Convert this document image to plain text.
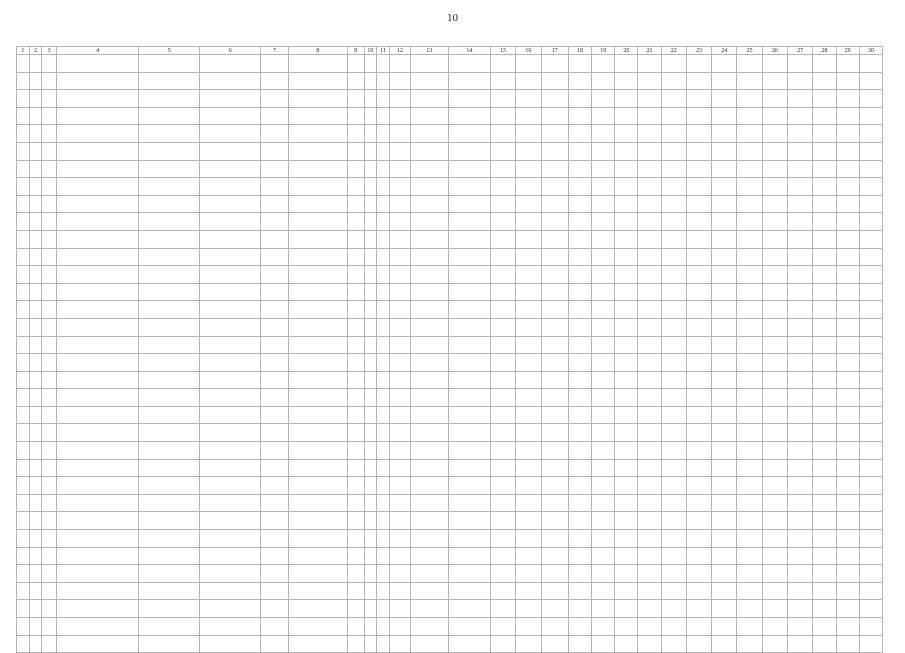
10
1	2	3	4	5	6	7	8	9	10	11	12	13	14	15	16	17	18	19	20	21	22	23	24	25	26	27	28	29	30
